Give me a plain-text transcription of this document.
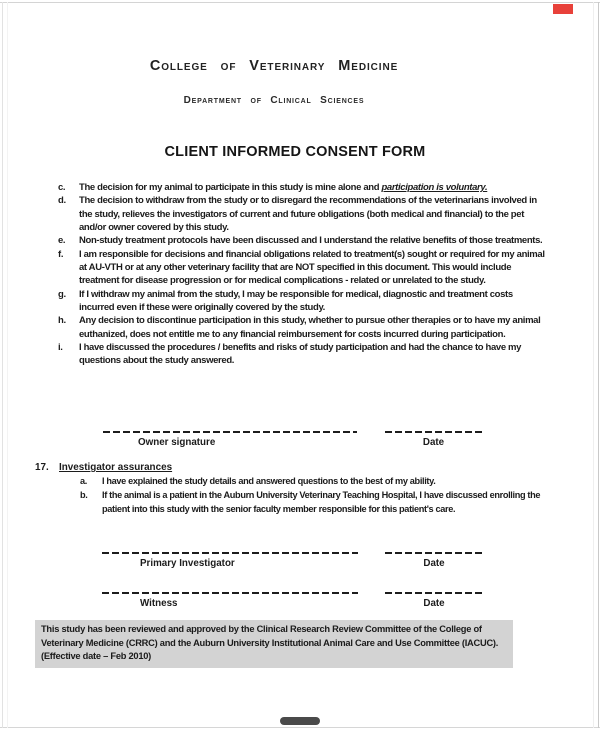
College of Veterinary Medicine
Department of Clinical Sciences
CLIENT INFORMED CONSENT FORM
c.	The decision for my animal to participate in this study is mine alone and participation is voluntary.
d.	The decision to withdraw from the study or to disregard the recommendations of the veterinarians involved in the study, relieves the investigators of current and future obligations (both medical and financial) to the pet and/or owner covered by this study.
e.	Non-study treatment protocols have been discussed and I understand the relative benefits of those treatments.
f.	I am responsible for decisions and financial obligations related to treatment(s) sought or required for my animal at AU-VTH or at any other veterinary facility that are NOT specified in this document. This would include treatment for disease progression or for medical complications - related or unrelated to the study.
g.	If I withdraw my animal from the study, I may be responsible for medical, diagnostic and treatment costs incurred even if these were originally covered by the study.
h.	Any decision to discontinue participation in this study, whether to pursue other therapies or to have my animal euthanized, does not entitle me to any financial reimbursement for costs incurred during participation.
i.	I have discussed the procedures / benefits and risks of study participation and had the chance to have my questions about the study answered.
Owner signature	Date
17.	Investigator assurances
a.	I have explained the study details and answered questions to the best of my ability.
b.	If the animal is a patient in the Auburn University Veterinary Teaching Hospital, I have discussed enrolling the patient into this study with the senior faculty member responsible for this patient's care.
Primary Investigator	Date
Witness	Date
This study has been reviewed and approved by the Clinical Research Review Committee of the College of Veterinary Medicine (CRRC) and the Auburn University Institutional Animal Care and Use Committee (IACUC). (Effective date – Feb 2010)
